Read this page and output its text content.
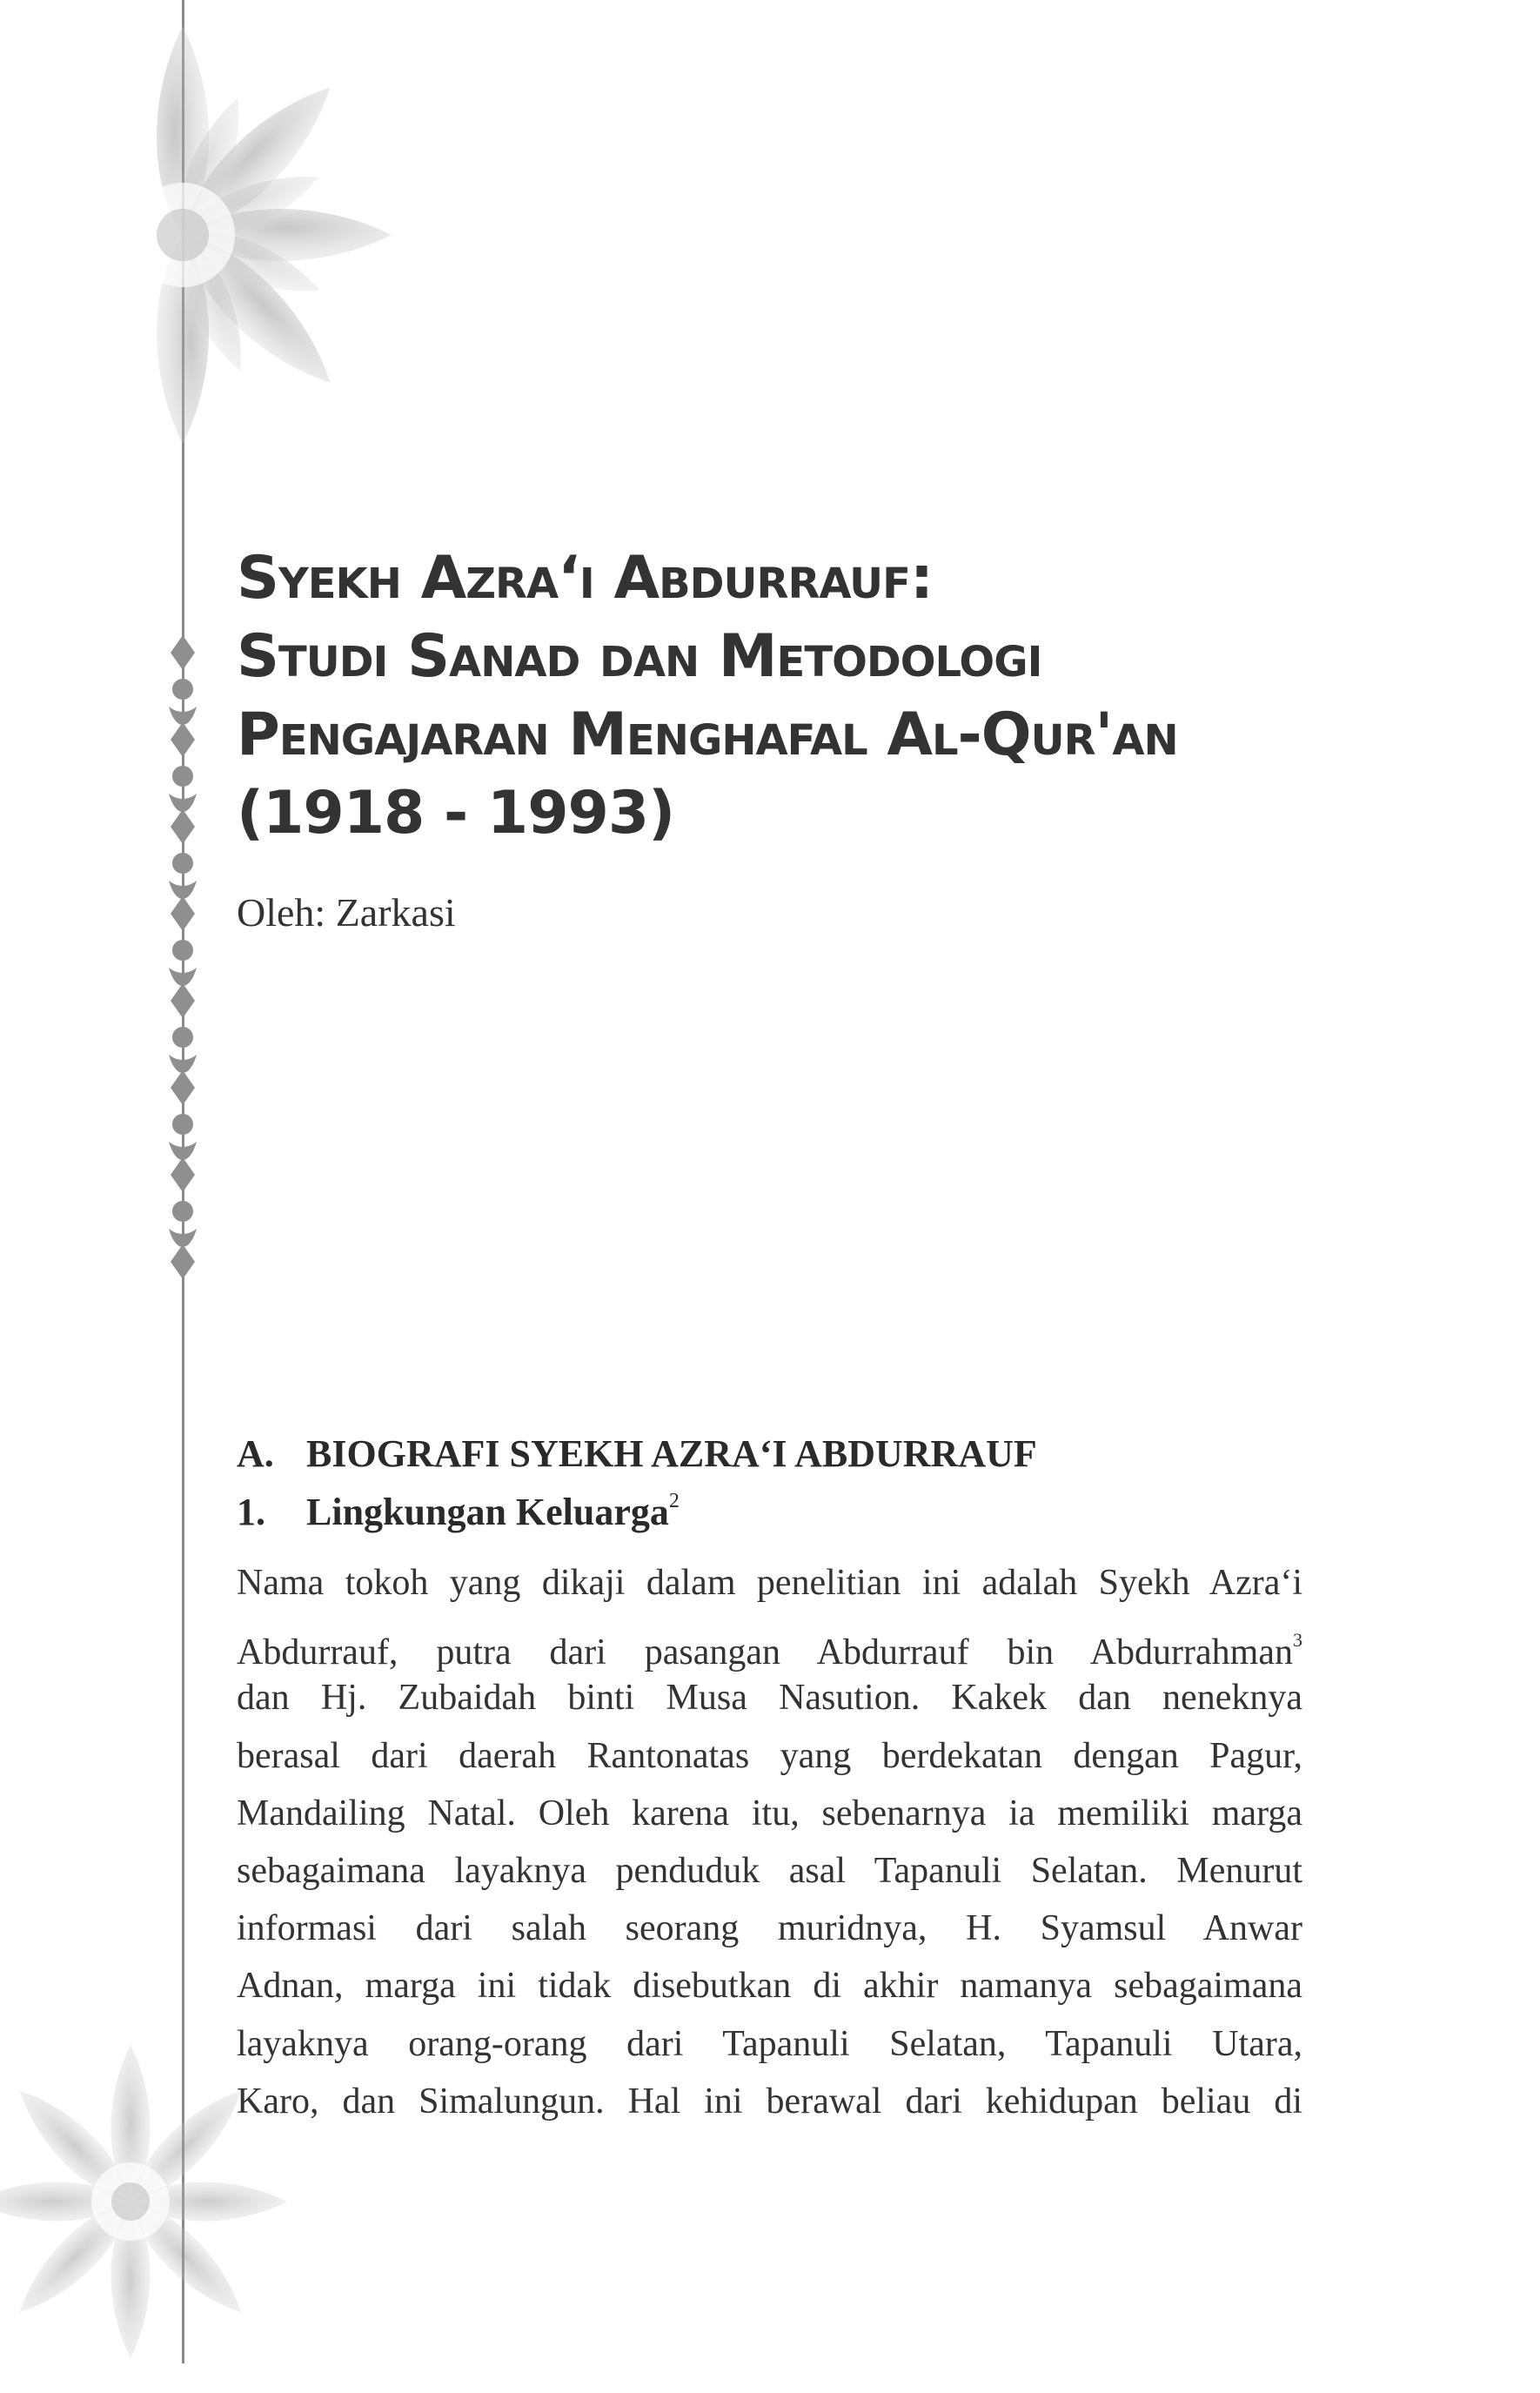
Syekh Azra‘i Abdurrauf:
Studi Sanad dan Metodologi
Pengajaran Menghafal Al-Qur'an
(1918 - 1993)
Oleh: Zarkasi
A. BIOGRAFI SYEKH AZRA‘I ABDURRAUF
1. Lingkungan Keluarga$^2$
Nama tokoh yang dikaji dalam penelitian ini adalah Syekh Azra‘i
Abdurrauf, putra dari pasangan Abdurrauf bin Abdurrahman$^3$
dan Hj. Zubaidah binti Musa Nasution. Kakek dan neneknya
berasal dari daerah Rantonatas yang berdekatan dengan Pagur,
Mandailing Natal. Oleh karena itu, sebenarnya ia memiliki marga
sebagaimana layaknya penduduk asal Tapanuli Selatan. Menurut
informasi dari salah seorang muridnya, H. Syamsul Anwar
Adnan, marga ini tidak disebutkan di akhir namanya sebagaimana
layaknya orang-orang dari Tapanuli Selatan, Tapanuli Utara,
Karo, dan Simalungun. Hal ini berawal dari kehidupan beliau di
